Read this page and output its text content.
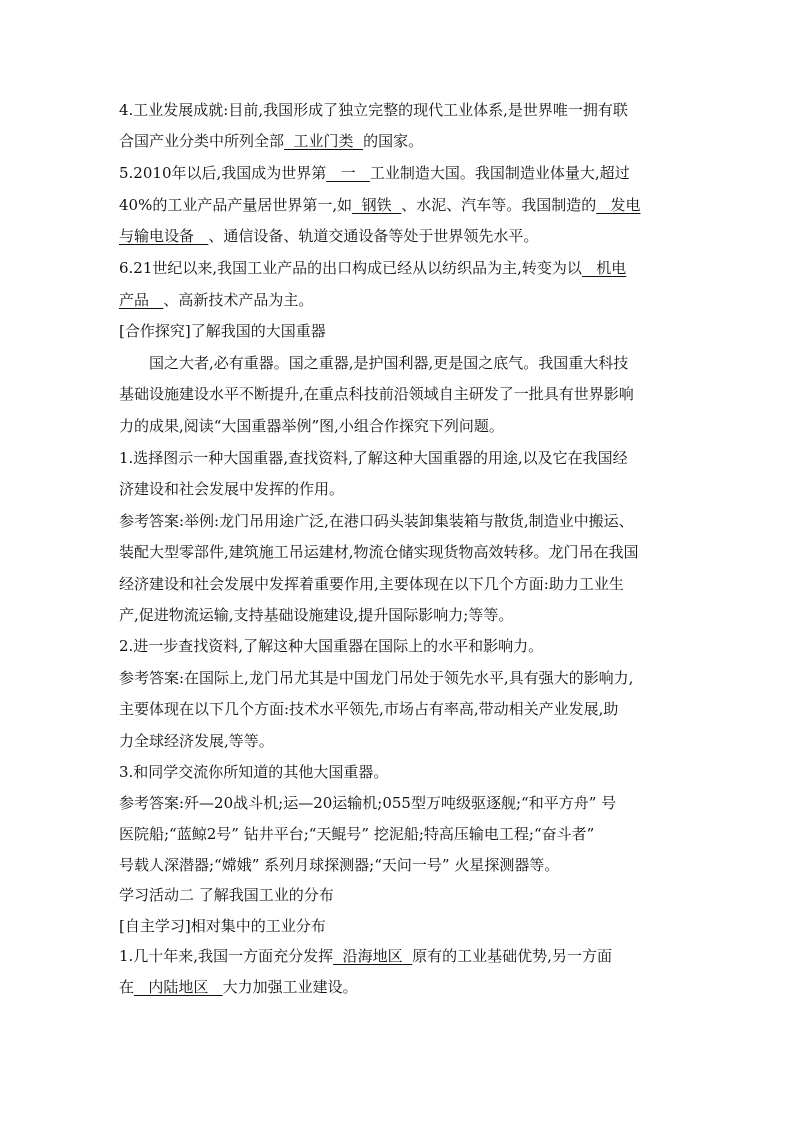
4.工业发展成就:目前,我国形成了独立完整的现代工业体系,是世界唯一拥有联
合国产业分类中所列全部  工业门类  的国家。
5.2010年以后,我国成为世界第   一   工业制造大国。我国制造业体量大,超过
40%的工业产品产量居世界第一,如  钢铁  、水泥、汽车等。我国制造的   发电
与输电设备   、通信设备、轨道交通设备等处于世界领先水平。
6.21世纪以来,我国工业产品的出口构成已经从以纺织品为主,转变为以   机电
产品   、高新技术产品为主。
[合作探究]了解我国的大国重器
国之大者,必有重器。国之重器,是护国利器,更是国之底气。我国重大科技
基础设施建设水平不断提升,在重点科技前沿领域自主研发了一批具有世界影响
力的成果,阅读“大国重器举例”图,小组合作探究下列问题。
1.选择图示一种大国重器,查找资料,了解这种大国重器的用途,以及它在我国经
济建设和社会发展中发挥的作用。
参考答案:举例:龙门吊用途广泛,在港口码头装卸集装箱与散货,制造业中搬运、
装配大型零部件,建筑施工吊运建材,物流仓储实现货物高效转移。龙门吊在我国
经济建设和社会发展中发挥着重要作用,主要体现在以下几个方面:助力工业生
产,促进物流运输,支持基础设施建设,提升国际影响力;等等。
2.进一步查找资料,了解这种大国重器在国际上的水平和影响力。
参考答案:在国际上,龙门吊尤其是中国龙门吊处于领先水平,具有强大的影响力,
主要体现在以下几个方面:技术水平领先,市场占有率高,带动相关产业发展,助
力全球经济发展,等等。
3.和同学交流你所知道的其他大国重器。
参考答案:歼—20战斗机;运—20运输机;055型万吨级驱逐舰;“和平方舟” 号
医院船;“蓝鲸2号” 钻井平台;“天鲲号” 挖泥船;特高压输电工程;“奋斗者”
号载人深潜器;“嫦娥” 系列月球探测器;“天问一号” 火星探测器等。
学习活动二 了解我国工业的分布
[自主学习]相对集中的工业分布
1.几十年来,我国一方面充分发挥  沿海地区  原有的工业基础优势,另一方面
在   内陆地区   大力加强工业建设。
